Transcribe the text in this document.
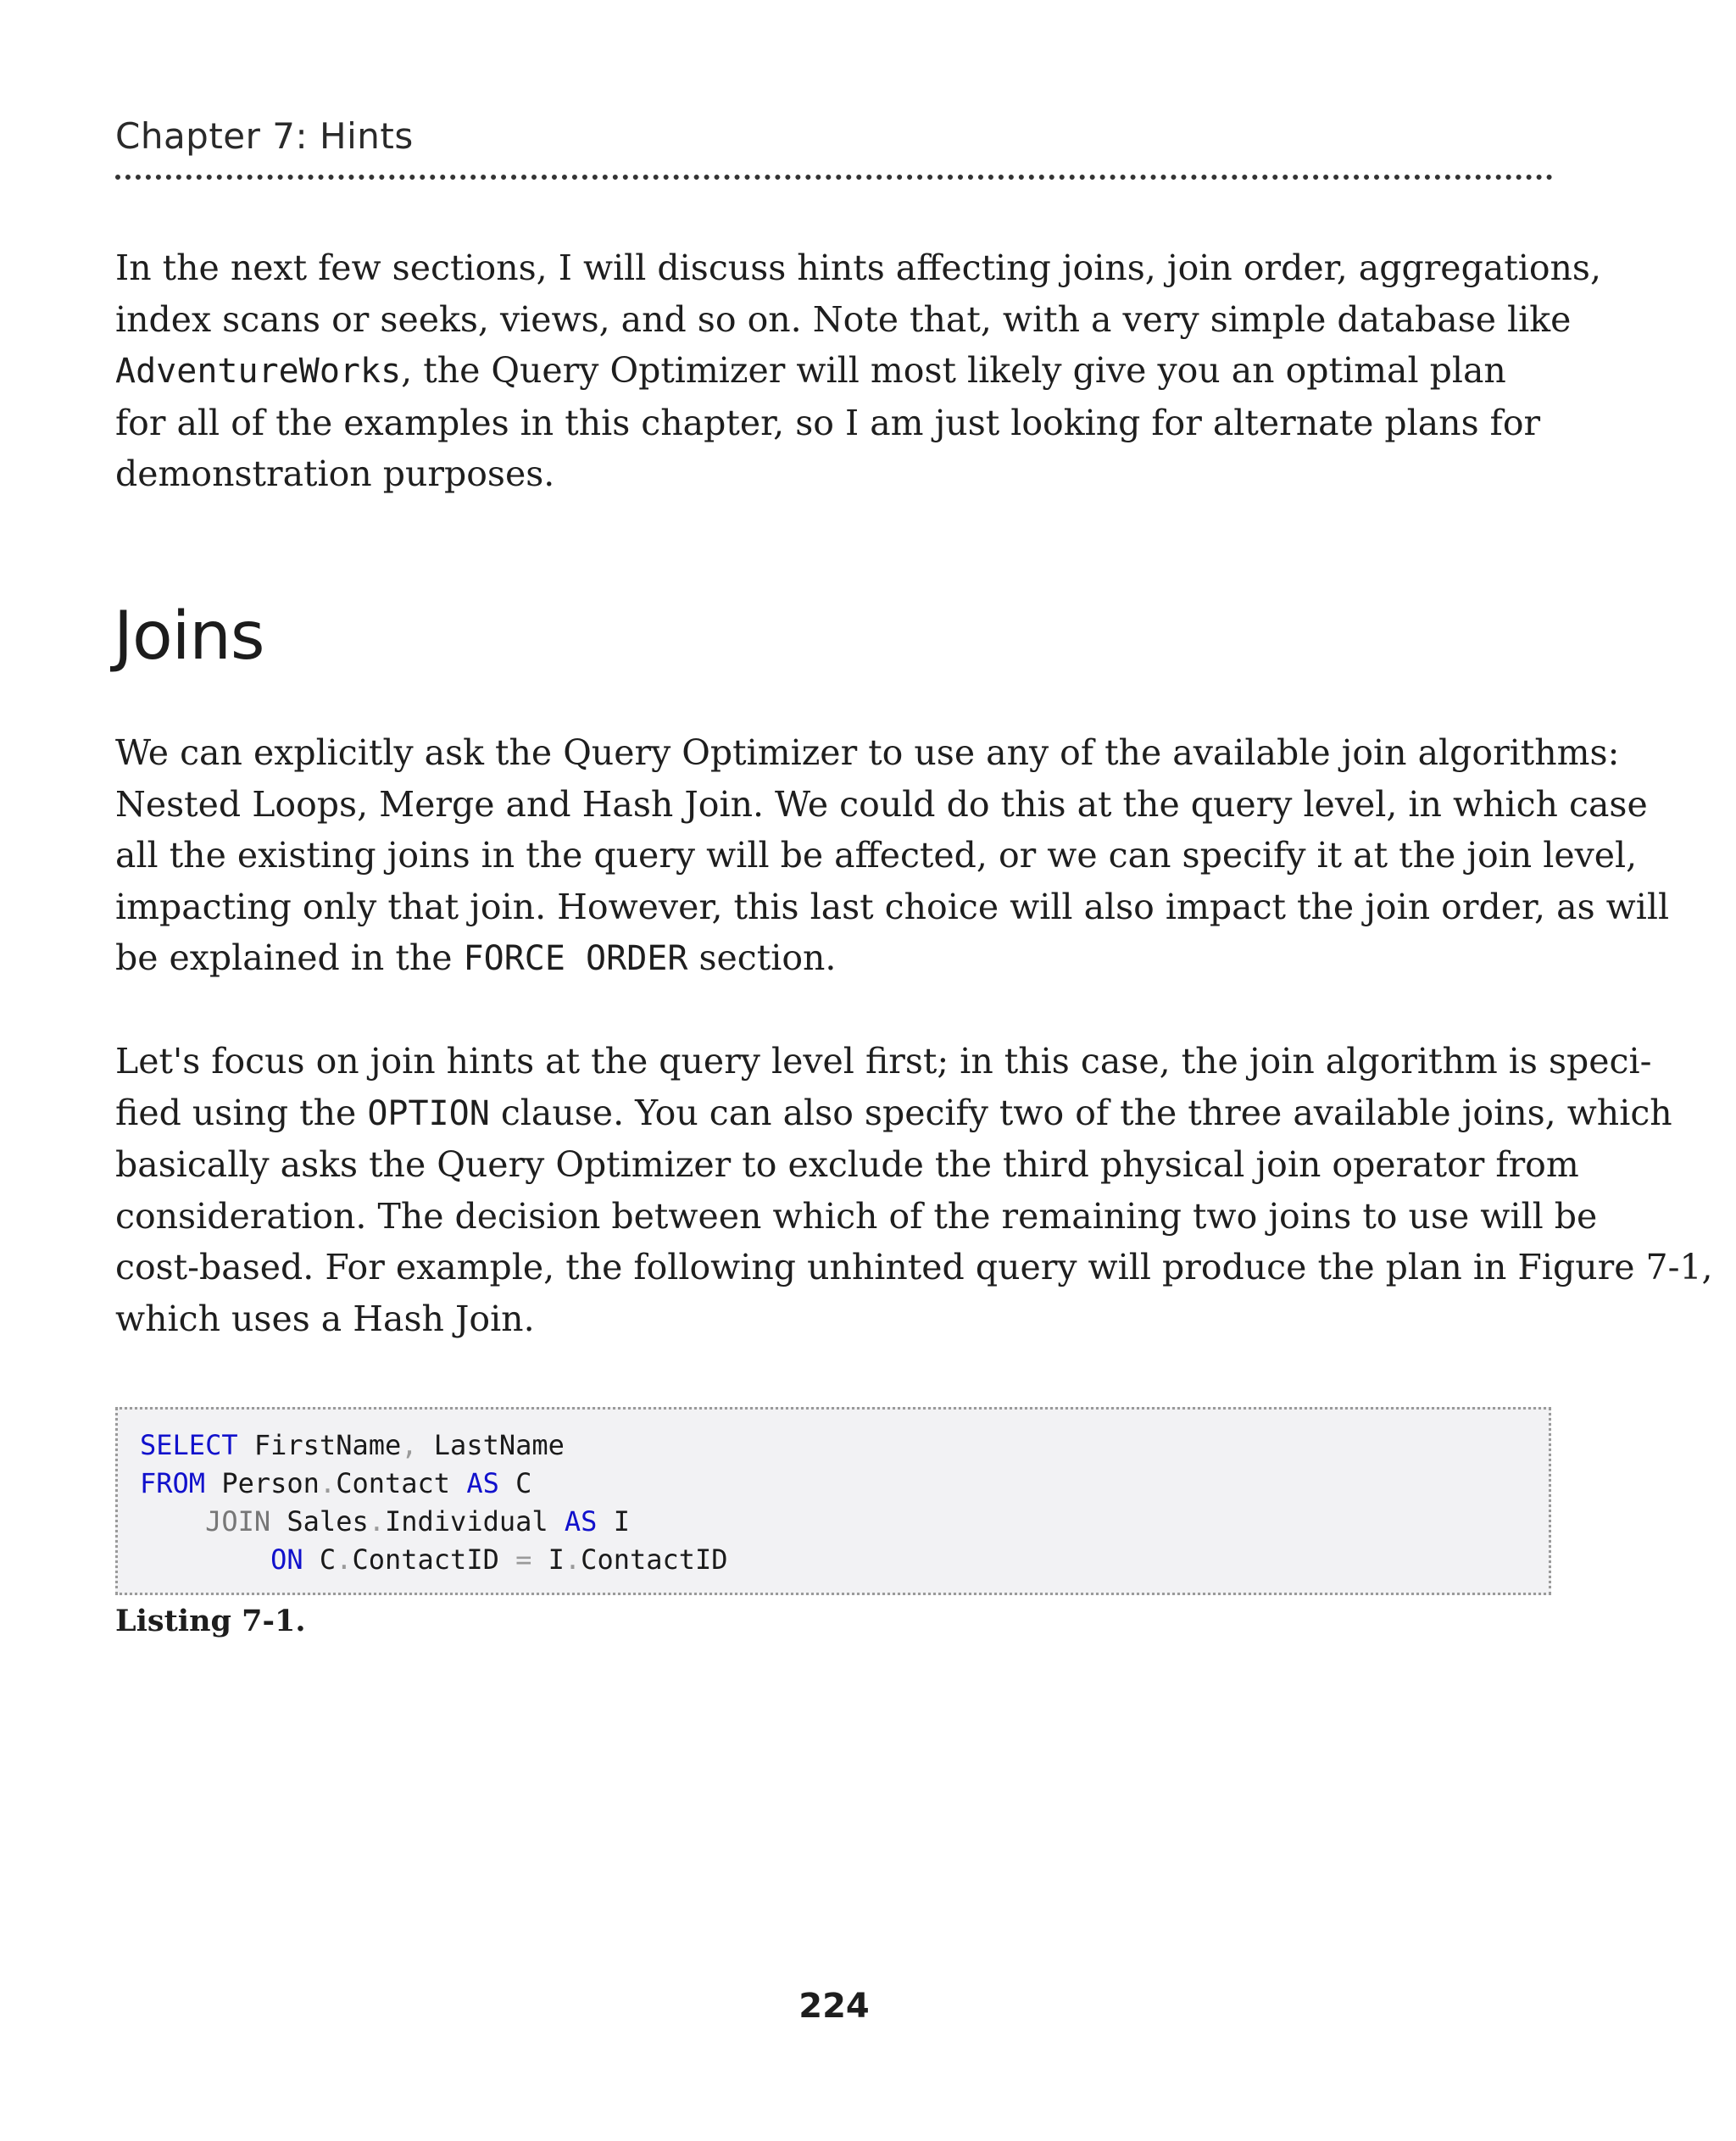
Chapter 7: Hints

In the next few sections, I will discuss hints affecting joins, join order, aggregations,
index scans or seeks, views, and so on. Note that, with a very simple database like
AdventureWorks, the Query Optimizer will most likely give you an optimal plan
for all of the examples in this chapter, so I am just looking for alternate plans for
demonstration purposes.

Joins

We can explicitly ask the Query Optimizer to use any of the available join algorithms:
Nested Loops, Merge and Hash Join. We could do this at the query level, in which case
all the existing joins in the query will be affected, or we can specify it at the join level,
impacting only that join. However, this last choice will also impact the join order, as will
be explained in the FORCE ORDER section.

Let's focus on join hints at the query level first; in this case, the join algorithm is speci-
fied using the OPTION clause. You can also specify two of the three available joins, which
basically asks the Query Optimizer to exclude the third physical join operator from
consideration. The decision between which of the remaining two joins to use will be
cost-based. For example, the following unhinted query will produce the plan in Figure 7-1,
which uses a Hash Join.

SELECT FirstName, LastName
FROM Person.Contact AS C
JOIN Sales.Individual AS I
ON C.ContactID = I.ContactID
Listing 7-1.
224
